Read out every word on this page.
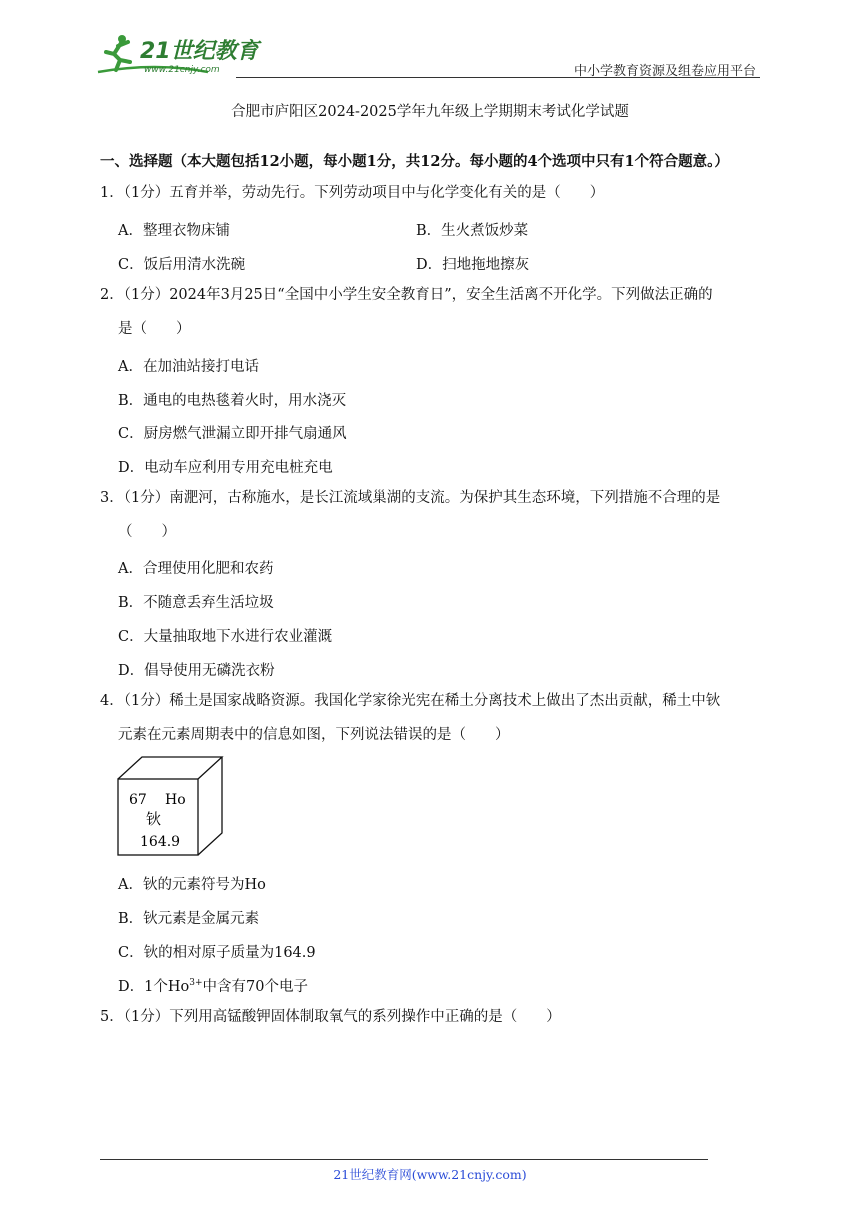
21世纪教育
www.21cnjy.com	中小学教育资源及组卷应用平台
合肥市庐阳区2024-2025学年九年级上学期期末考试化学试题
一、选择题（本大题包括12小题，每小题1分，共12分。每小题的4个选项中只有1个符合题意。）
1．（1分）五育并举，劳动先行。下列劳动项目中与化学变化有关的是（　　）
A．整理衣物床铺	B．生火煮饭炒菜
C．饭后用清水洗碗	D．扫地拖地擦灰
2．（1分）2024年3月25日“全国中小学生安全教育日”，安全生活离不开化学。下列做法正确的
是（　　）
A．在加油站接打电话
B．通电的电热毯着火时，用水浇灭
C．厨房燃气泄漏立即开排气扇通风
D．电动车应利用专用充电桩充电
3．（1分）南淝河，古称施水，是长江流域巢湖的支流。为保护其生态环境，下列措施不合理的是
（　　）
A．合理使用化肥和农药
B．不随意丢弃生活垃圾
C．大量抽取地下水进行农业灌溉
D．倡导使用无磷洗衣粉
4．（1分）稀土是国家战略资源。我国化学家徐光宪在稀土分离技术上做出了杰出贡献，稀土中钬
元素在元素周期表中的信息如图，下列说法错误的是（　　）
67 Ho
钬
164.9
A．钬的元素符号为Ho
B．钬元素是金属元素
C．钬的相对原子质量为164.9
D．1个$Ho^{3+}$中含有70个电子
5．（1分）下列用高锰酸钾固体制取氧气的系列操作中正确的是（　　）
21世纪教育网(www.21cnjy.com)
